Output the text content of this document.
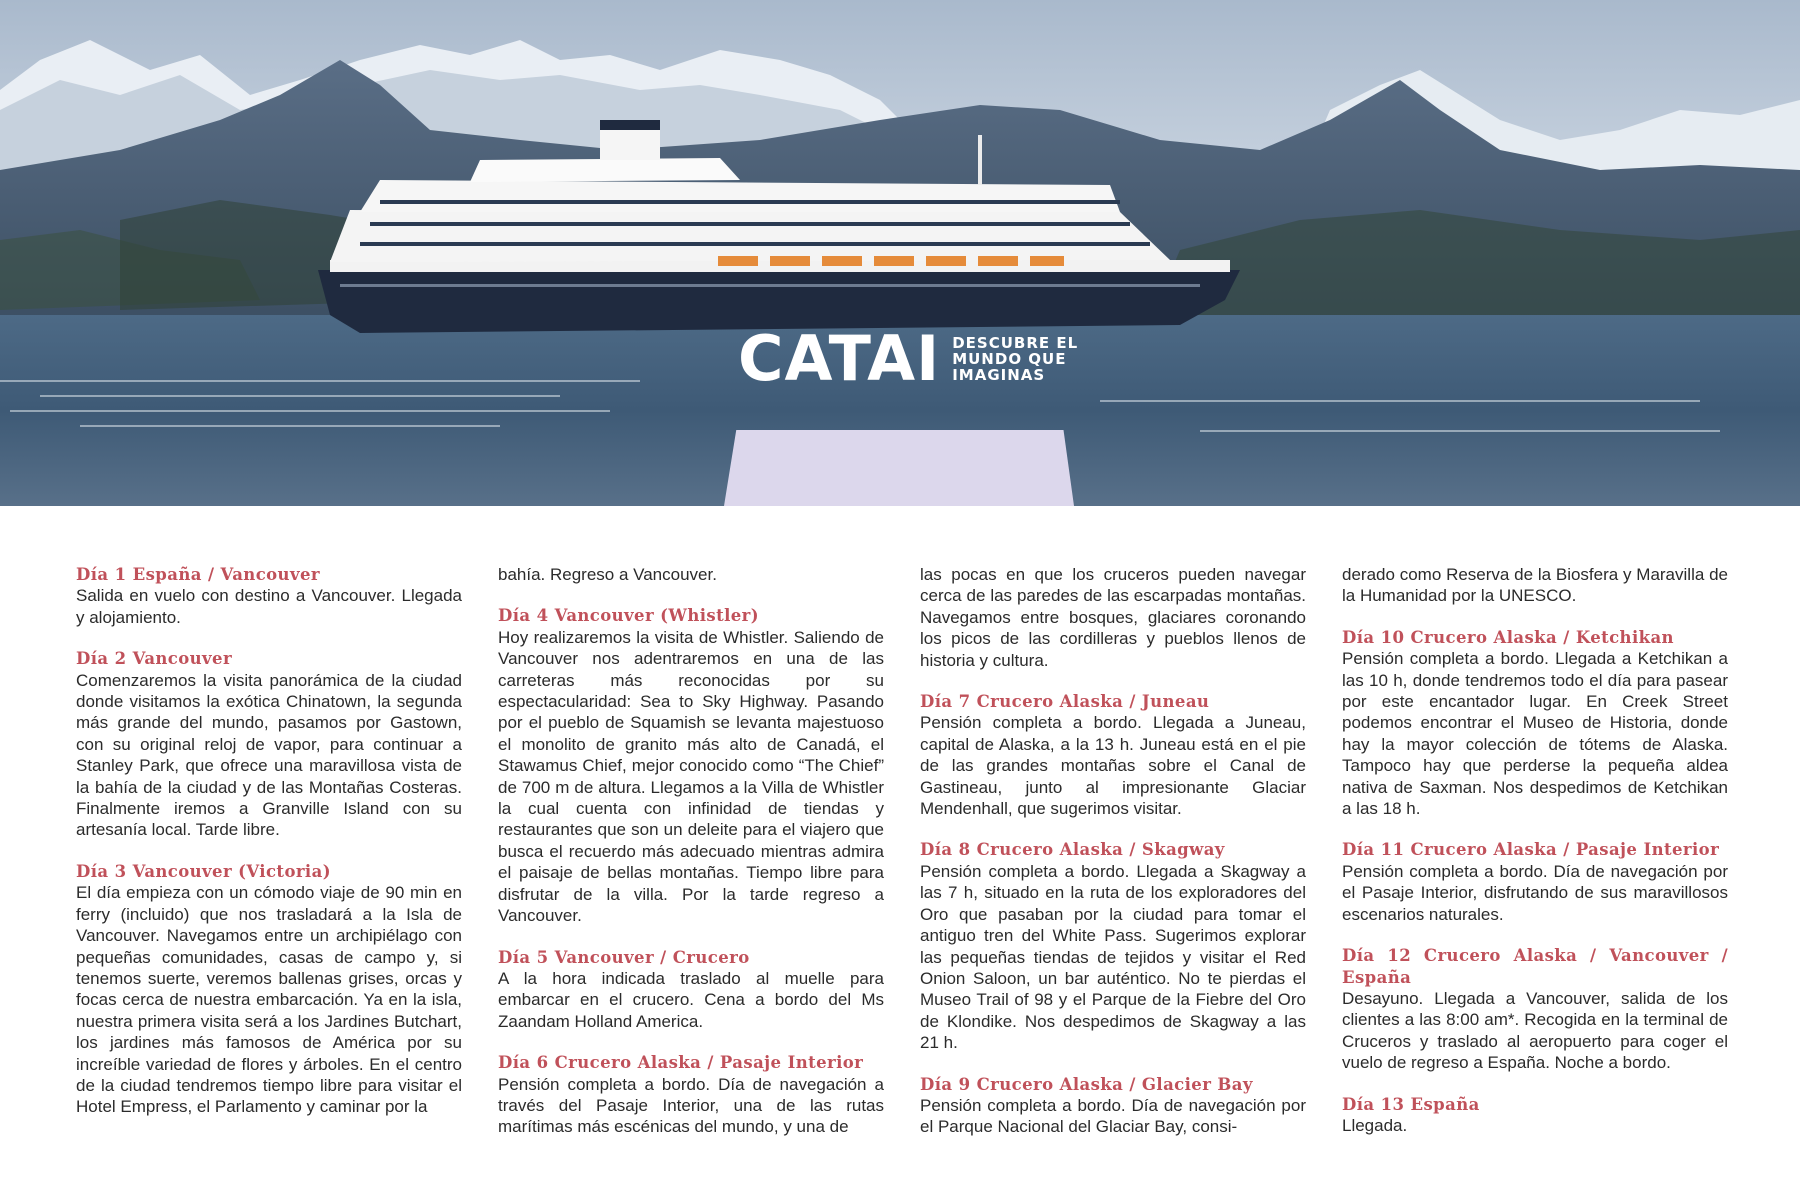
CATAI DESCUBRE EL
MUNDO QUE
IMAGINAS
Día 1 España / Vancouver
Salida en vuelo con destino a Vancouver. Llegada y alojamiento.
Día 2 Vancouver
Comenzaremos la visita panorámica de la ciudad donde visitamos la exótica Chinatown, la segunda más grande del mundo, pasamos por Gastown, con su original reloj de vapor, para continuar a Stanley Park, que ofrece una maravillosa vista de la bahía de la ciudad y de las Montañas Costeras. Finalmente iremos a Granville Island con su artesanía local. Tarde libre.
Día 3 Vancouver (Victoria)
El día empieza con un cómodo viaje de 90 min en ferry (incluido) que nos trasladará a la Isla de Vancouver. Navegamos entre un archipiélago con pequeñas comunidades, casas de campo y, si tenemos suerte, veremos ballenas grises, orcas y focas cerca de nuestra embarcación. Ya en la isla, nuestra primera visita será a los Jardines Butchart, los jardines más famosos de América por su increíble variedad de flores y árboles. En el centro de la ciudad tendremos tiempo libre para visitar el Hotel Empress, el Parlamento y caminar por la
bahía. Regreso a Vancouver.
Día 4 Vancouver (Whistler)
Hoy realizaremos la visita de Whistler. Saliendo de Vancouver nos adentraremos en una de las carreteras más reconocidas por su espectacularidad: Sea to Sky Highway. Pasando por el pueblo de Squamish se levanta majestuoso el monolito de granito más alto de Canadá, el Stawamus Chief, mejor conocido como “The Chief” de 700 m de altura. Llegamos a la Villa de Whistler la cual cuenta con infinidad de tiendas y restaurantes que son un deleite para el viajero que busca el recuerdo más adecuado mientras admira el paisaje de bellas montañas. Tiempo libre para disfrutar de la villa. Por la tarde regreso a Vancouver.
Día 5 Vancouver / Crucero
A la hora indicada traslado al muelle para embarcar en el crucero. Cena a bordo del Ms Zaandam Holland America.
Día 6 Crucero Alaska / Pasaje Interior
Pensión completa a bordo. Día de navegación a través del Pasaje Interior, una de las rutas marítimas más escénicas del mundo, y una de
las pocas en que los cruceros pueden navegar cerca de las paredes de las escarpadas montañas. Navegamos entre bosques, glaciares coronando los picos de las cordilleras y pueblos llenos de historia y cultura.
Día 7 Crucero Alaska / Juneau
Pensión completa a bordo. Llegada a Juneau, capital de Alaska, a la 13 h. Juneau está en el pie de las grandes montañas sobre el Canal de Gastineau, junto al impresionante Glaciar Mendenhall, que sugerimos visitar.
Día 8 Crucero Alaska / Skagway
Pensión completa a bordo. Llegada a Skagway a las 7 h, situado en la ruta de los exploradores del Oro que pasaban por la ciudad para tomar el antiguo tren del White Pass. Sugerimos explorar las pequeñas tiendas de tejidos y visitar el Red Onion Saloon, un bar auténtico. No te pierdas el Museo Trail of 98 y el Parque de la Fiebre del Oro de Klondike. Nos despedimos de Skagway a las 21 h.
Día 9 Crucero Alaska / Glacier Bay
Pensión completa a bordo. Día de navegación por el Parque Nacional del Glaciar Bay, consi-
derado como Reserva de la Biosfera y Maravilla de la Humanidad por la UNESCO.
Día 10 Crucero Alaska / Ketchikan
Pensión completa a bordo. Llegada a Ketchikan a las 10 h, donde tendremos todo el día para pasear por este encantador lugar. En Creek Street podemos encontrar el Museo de Historia, donde hay la mayor colección de tótems de Alaska. Tampoco hay que perderse la pequeña aldea nativa de Saxman. Nos despedimos de Ketchikan a las 18 h.
Día 11 Crucero Alaska / Pasaje Interior
Pensión completa a bordo. Día de navegación por el Pasaje Interior, disfrutando de sus maravillosos escenarios naturales.
Día 12 Crucero Alaska / Vancouver / España
Desayuno. Llegada a Vancouver, salida de los clientes a las 8:00 am*. Recogida en la terminal de Cruceros y traslado al aeropuerto para coger el vuelo de regreso a España. Noche a bordo.
Día 13 España
Llegada.
